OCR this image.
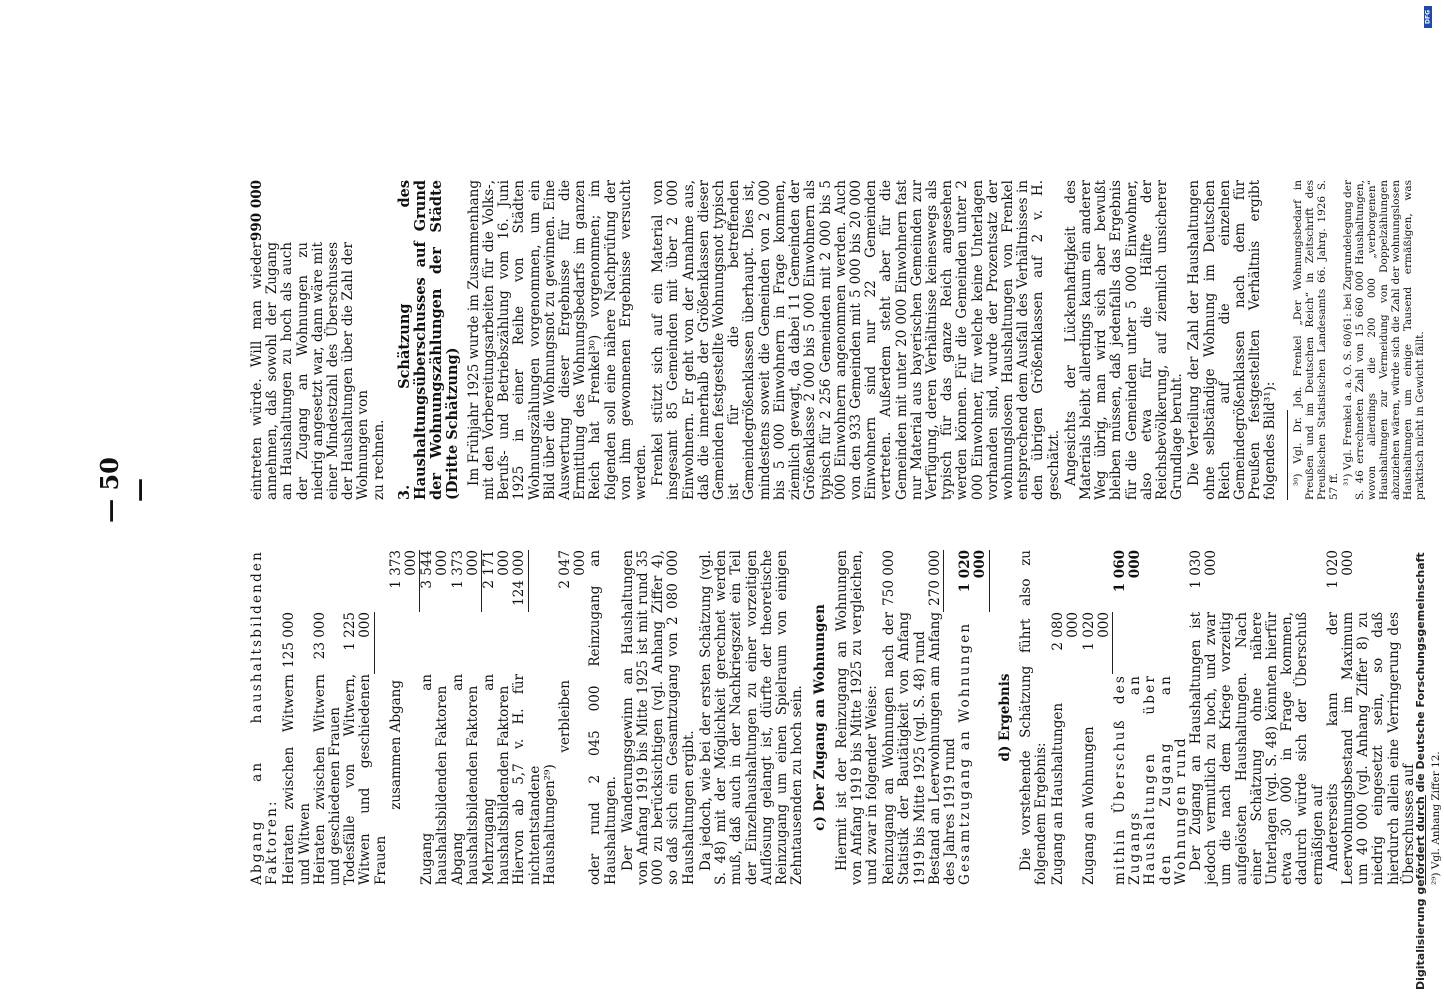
— 50 —

Abgang an haushaltsbildenden Faktoren: Heiraten zwischen Witwern und Witwen
125 000
Heiraten zwischen Witwern und geschiedenen Frauen
23 000
Todesfälle von Witwern, Witwen und geschiedenen Frauen
1 225 000
zusammen Abgang
1 373 000
Zugang an haushaltsbildenden Faktoren
3 544 000
Abgang an haushaltsbildenden Faktoren
1 373 000
Mehrzugang an haushaltsbildenden Faktoren
2 171 000
Hiervon ab 5,7 v. H. für nichtentstandene Haushaltungen²⁹)
124 000
verbleiben
2 047 000 oder rund 2 045 000 Reinzugang an Haushaltungen. Der Wanderungsgewinn an Haushaltungen von Anfang 1919 bis Mitte 1925 ist mit rund 35 000 zu berücksichtigen (vgl. Anhang Ziffer 4), so daß sich ein Gesamtzugang von 2 080 000 Haushaltungen ergibt. Da jedoch, wie bei der ersten Schätzung (vgl. S. 48) mit der Möglichkeit gerechnet werden muß, daß auch in der Nachkriegszeit ein Teil der Einzelhaushaltungen zu einer vorzeitigen Auflösung gelangt ist, dürfte der theoretische Reinzugang um einen Spielraum von einigen Zehntausenden zu hoch sein. c) Der Zugang an Wohnungen Hiermit ist der Reinzugang an Wohnungen von Anfang 1919 bis Mitte 1925 zu vergleichen, und zwar in folgender Weise: Reinzugang an Wohnungen nach der Statistik der Bautätigkeit von Anfang 1919 bis Mitte 1925 (vgl. S. 48) rund
750 000
Bestand an Leerwohnungen am Anfang des Jahres 1919 rund
270 000
Gesamtzugang an Wohnungen
1 020 000

d) Ergebnis Die vorstehende Schätzung führt also zu folgendem Ergebnis: Zugang an Haushaltungen
2 080 000
Zugang an Wohnungen
1 020 000
mithin Überschuß des Zugangs an Haushaltungen über den Zugang an Wohnungen rund
1 060 000
Der Zugang an Haushaltungen ist jedoch vermutlich zu hoch, und zwar um die nach dem Kriege vorzeitig aufgelösten Haushaltungen. Nach einer Schätzung ohne nähere Unterlagen (vgl. S. 48) könnten hierfür etwa 30 000 in Frage kommen, dadurch würde sich der Überschuß ermäßigen auf
1 030 000
Andererseits kann der Leerwohnungsbestand im Maximum um 40 000 (vgl. Anhang Ziffer 8) zu niedrig eingesetzt sein, so daß hierdurch allein eine Verringerung des Überschusses auf
1 020 000

²⁹) Vgl. Anhang Ziffer 12.

eintreten würde. Will man wieder annehmen, daß sowohl der Zugang an Haushaltungen zu hoch als auch der Zugang an Wohnungen zu niedrig angesetzt war, dann wäre mit einer Mindestzahl des Überschusses der Haushaltungen über die Zahl der Wohnungen von
990 000

zu rechnen. 3. Schätzung des Haushaltungsüberschusses auf Grund der Wohnungszählungen der Städte (Dritte Schätzung) Im Frühjahr 1925 wurde im Zusammenhang mit den Vorbereitungsarbeiten für die Volks-, Berufs- und Betriebszählung vom 16. Juni 1925 in einer Reihe von Städten Wohnungszählungen vorgenommen, um ein Bild über die Wohnungsnot zu gewinnen. Eine Auswertung dieser Ergebnisse für die Ermittlung des Wohnungsbedarfs im ganzen Reich hat Frenkel³⁰) vorgenommen; im folgenden soll eine nähere Nachprüfung der von ihm gewonnenen Ergebnisse versucht werden. Frenkel stützt sich auf ein Material von insgesamt 85 Gemeinden mit über 2 000 Einwohnern. Er geht von der Annahme aus, daß die innerhalb der Größenklassen dieser Gemeinden festgestellte Wohnungsnot typisch ist für die betreffenden Gemeindegrößenklassen überhaupt. Dies ist, mindestens soweit die Gemeinden von 2 000 bis 5 000 Einwohnern in Frage kommen, ziemlich gewagt, da dabei 11 Gemeinden der Größenklasse 2 000 bis 5 000 Einwohnern als typisch für 2 256 Gemeinden mit 2 000 bis 5 000 Einwohnern angenommen werden. Auch von den 933 Gemeinden mit 5 000 bis 20 000 Einwohnern sind nur 22 Gemeinden vertreten. Außerdem steht aber für die Gemeinden mit unter 20 000 Einwohnern fast nur Material aus bayerischen Gemeinden zur Verfügung, deren Verhältnisse keineswegs als typisch für das ganze Reich angesehen werden können. Für die Gemeinden unter 2 000 Einwohner, für welche keine Unterlagen vorhanden sind, wurde der Prozentsatz der wohnungslosen Haushaltungen von Frenkel entsprechend dem Ausfall des Verhältnisses in den übrigen Größenklassen auf 2 v. H. geschätzt. Angesichts der Lückenhaftigkeit des Materials bleibt allerdings kaum ein anderer Weg übrig, man wird sich aber bewußt bleiben müssen, daß jedenfalls das Ergebnis für die Gemeinden unter 5 000 Einwohner, also etwa für die Hälfte der Reichsbevölkerung, auf ziemlich unsicherer Grundlage beruht. Die Verteilung der Zahl der Haushaltungen ohne selbständige Wohnung im Deutschen Reich auf die einzelnen Gemeindegrößenklassen nach dem für Preußen festgestellten Verhältnis ergibt folgendes Bild³¹): ³⁰) Vgl. Dr. Joh. Frenkel „Der Wohnungsbedarf in Preußen und im Deutschen Reich“ in Zeitschrift des Preußischen Statistischen Landesamts 66. Jahrg. 1926 S. 57 ff.

³¹) Vgl. Frenkel a. a. O. S. 60/61: bei Zugrundelegung der S. 46 errechneten Zahl von 15 660 000 Haushaltungen, wovon allerdings die 200 000 „verborgenen“ Haushaltungen zur Vermeidung von Doppelzählungen abzuziehen wären, würde sich die Zahl der wohnungslosen Haushaltungen um einige Tausend ermäßigen, was praktisch nicht in Gewicht fällt.

Digitalisierung gefördert durch die Deutsche Forschungsgemeinschaft
DFG
